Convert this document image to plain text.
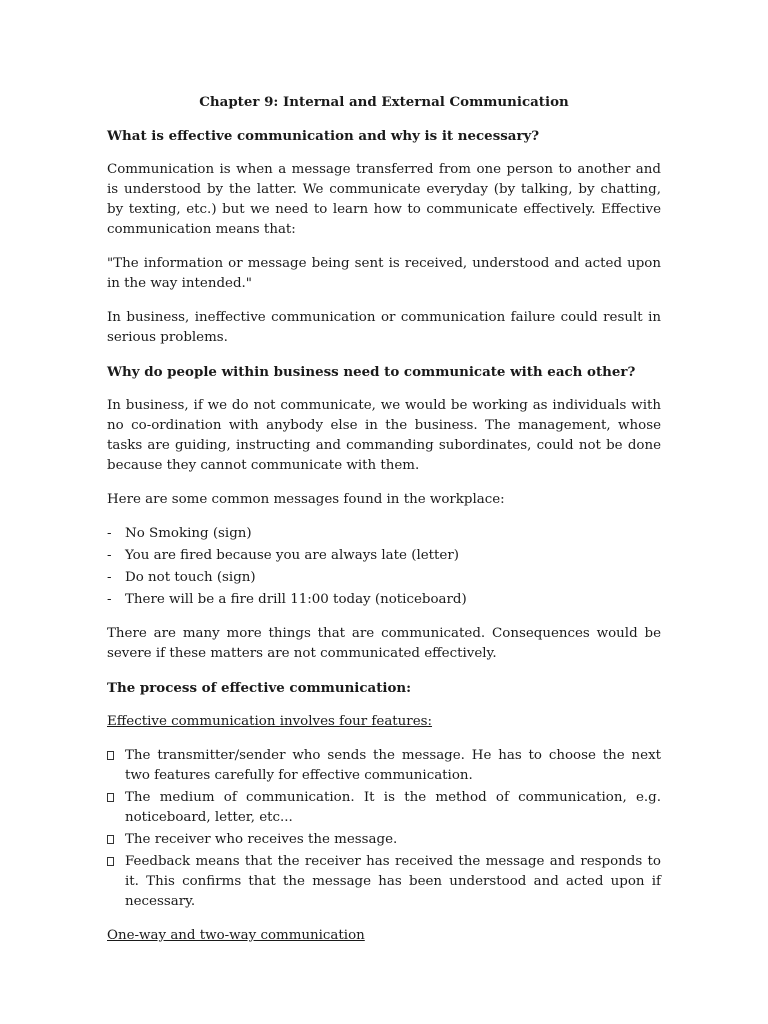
Chapter 9: Internal and External Communication

What is effective communication and why is it necessary?

Communication is when a message transferred from one person to another and is understood by the latter. We communicate everyday (by talking, by chatting, by texting, etc.) but we need to learn how to communicate effectively. Effective communication means that:

"The information or message being sent is received, understood and acted upon in the way intended."

In business, ineffective communication or communication failure could result in serious problems.

Why do people within business need to communicate with each other?

In business, if we do not communicate, we would be working as individuals with no co-ordination with anybody else in the business. The management, whose tasks are guiding, instructing and commanding subordinates, could not be done because they cannot communicate with them.

Here are some common messages found in the workplace:

- No Smoking (sign)
- You are fired because you are always late (letter)
- Do not touch (sign)
- There will be a fire drill 11:00 today (noticeboard)

There are many more things that are communicated. Consequences would be severe if these matters are not communicated effectively.

The process of effective communication:

Effective communication involves four features:

The transmitter/sender who sends the message. He has to choose the next two features carefully for effective communication.
The medium of communication. It is the method of communication, e.g. noticeboard, letter, etc...
The receiver who receives the message.
Feedback means that the receiver has received the message and responds to it. This confirms that the message has been understood and acted upon if necessary.

One-way and two-way communication
